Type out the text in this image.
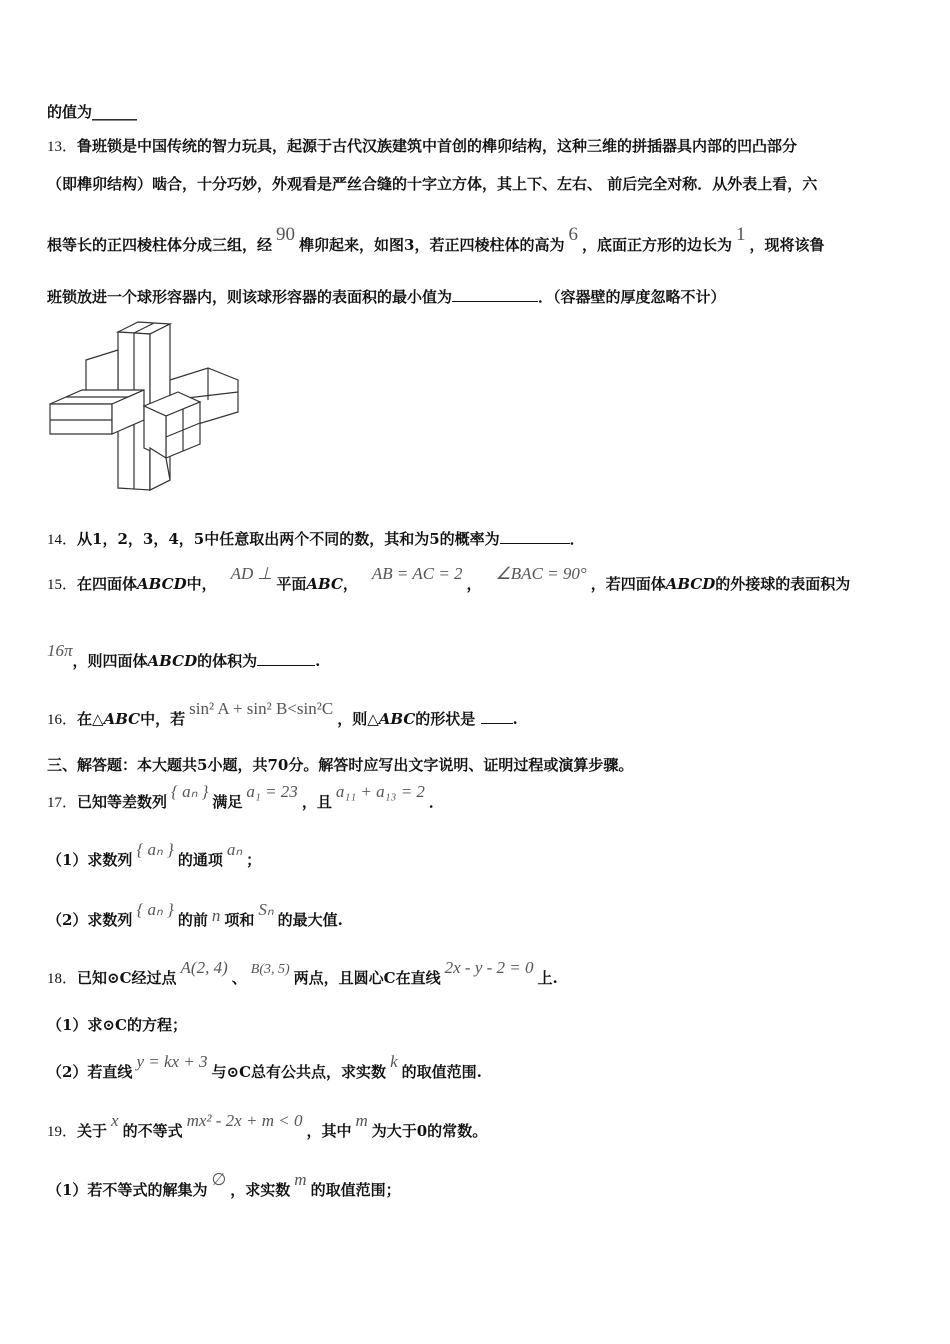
的值为______
13．鲁班锁是中国传统的智力玩具，起源于古代汉族建筑中首创的榫卯结构，这种三维的拼插器具内部的凹凸部分
（即榫卯结构）啮合，十分巧妙，外观看是严丝合缝的十字立方体，其上下、左右、 前后完全对称．从外表上看，六
根等长的正四棱柱体分成三组，经 90 榫卯起来，如图3，若正四棱柱体的高为 6 ，底面正方形的边长为 1 ，现将该鲁
班锁放进一个球形容器内，则该球形容器的表面积的最小值为	．（容器壁的厚度忽略不计）
14．从1，2，3，4，5中任意取出两个不同的数，其和为5的概率为	．
15．在四面体ABCD中，AD ⊥平面ABC，AB = AC = 2，∠BAC = 90°，若四面体ABCD的外接球的表面积为
16π，则四面体ABCD的体积为	.
16．在△ABC中，若sin² A + sin² B<sin²C，则△ABC的形状是 .
三、解答题：本大题共5小题，共70分。解答时应写出文字说明、证明过程或演算步骤。
17．已知等差数列{ aₙ }满足a₁ = 23，且a₁₁ + a₁₃ = 2．
（1）求数列{ aₙ }的通项aₙ；
（2）求数列{ aₙ }的前 n 项和Sₙ的最大值.
18．已知⊙C经过点A(2, 4)、 B(3, 5) 两点，且圆心C在直线2x - y - 2 = 0上.
（1）求⊙C的方程；
（2）若直线y = kx + 3与⊙C总有公共点，求实数k的取值范围.
19．关于x的不等式mx² - 2x + m < 0，其中m为大于0的常数。
（1）若不等式的解集为∅，求实数m的取值范围；
